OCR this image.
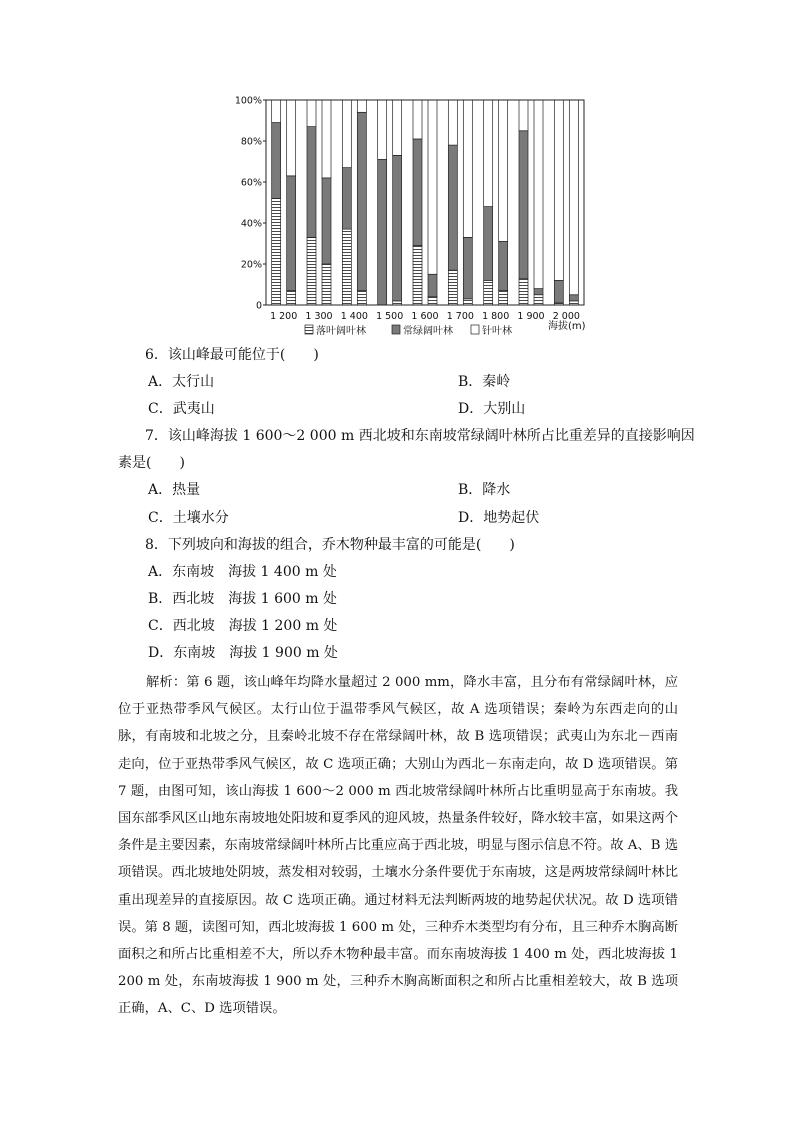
0
20%
40%
60%
80%
100%
1 200 1 300 1 400 1 500 1 600 1 700 1 800 1 900 2 000
海拔(m)
落叶阔叶林	常绿阔叶林	针叶林
6．该山峰最可能位于(　　)
A．太行山	B．秦岭
C．武夷山	D．大别山
7．该山峰海拔 1 600～2 000 m 西北坡和东南坡常绿阔叶林所占比重差异的直接影响因
素是(　　)
A．热量	B．降水
C．土壤水分	D．地势起伏
8．下列坡向和海拔的组合，乔木物种最丰富的可能是(　　)
A．东南坡　海拔 1 400 m 处
B．西北坡　海拔 1 600 m 处
C．西北坡　海拔 1 200 m 处
D．东南坡　海拔 1 900 m 处
解析：第 6 题，该山峰年均降水量超过 2 000 mm，降水丰富，且分布有常绿阔叶林，应位于亚热带季风气候区。太行山位于温带季风气候区，故 A 选项错误；秦岭为东西走向的山脉，有南坡和北坡之分，且秦岭北坡不存在常绿阔叶林，故 B 选项错误；武夷山为东北－西南走向，位于亚热带季风气候区，故 C 选项正确；大别山为西北－东南走向，故 D 选项错误。第 7 题，由图可知，该山海拔 1 600～2 000 m 西北坡常绿阔叶林所占比重明显高于东南坡。我国东部季风区山地东南坡地处阳坡和夏季风的迎风坡，热量条件较好，降水较丰富，如果这两个条件是主要因素，东南坡常绿阔叶林所占比重应高于西北坡，明显与图示信息不符。故 A、B 选项错误。西北坡地处阴坡，蒸发相对较弱，土壤水分条件要优于东南坡，这是两坡常绿阔叶林比重出现差异的直接原因。故 C 选项正确。通过材料无法判断两坡的地势起伏状况。故 D 选项错误。第 8 题，读图可知，西北坡海拔 1 600 m 处，三种乔木类型均有分布，且三种乔木胸高断面积之和所占比重相差不大，所以乔木物种最丰富。而东南坡海拔 1 400 m 处，西北坡海拔 1 200 m 处，东南坡海拔 1 900 m 处，三种乔木胸高断面积之和所占比重相差较大，故 B 选项正确，A、C、D 选项错误。
